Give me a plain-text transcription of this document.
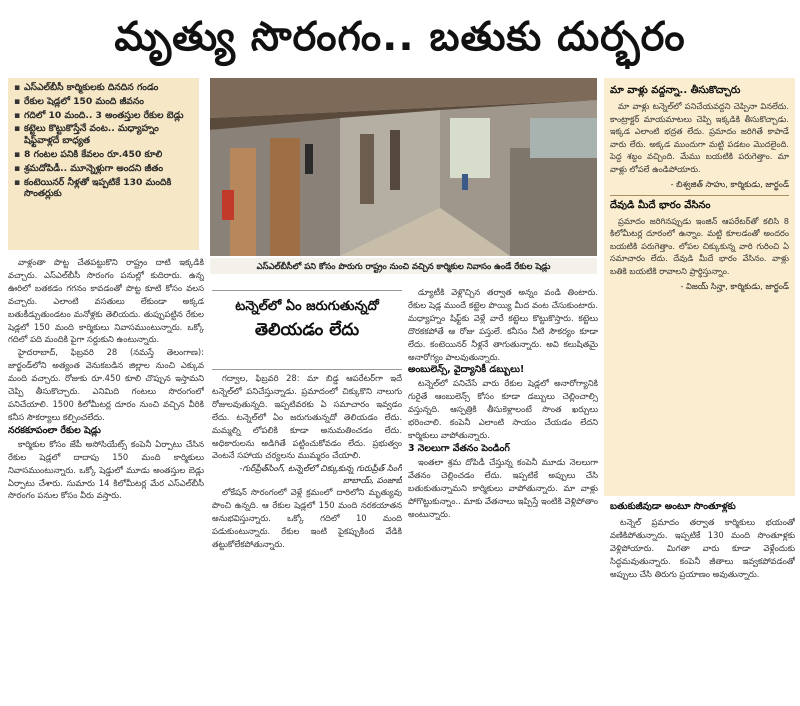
మృత్యు సొరంగం.. బతుకు దుర్భరం
▪ ఎస్‌ఎల్‌బీసీ కార్మికులకు దినదిన గండం
▪ రేకుల షెడ్లలో 150 మంది జీవనం
▪ గదిలో 10 మంది.. 3 అంతస్తుల రేకుల బెడ్లు
▪ కట్టెలు కొట్టుకొస్తేనే వంట.. మధ్యాహ్నం షిఫ్ట్‌వాళ్లదే బాధ్యత
▪ 8 గంటల పనికి కేవలం రూ.450 కూలి
▪ శ్రమదోపిడీ.. మూన్నెళ్లుగా అందని జీతం
▪ కంటెయినర్ నీళ్లతో ఇప్పటికే 130 మందికి సొంతర్లుకు
ఎస్‌ఎల్‌బీసీలో పని కోసం పొరుగు రాష్ట్రం నుంచి వచ్చిన కార్మికుల నివాసం ఉండే రేకుల షెడ్లు

వాళ్లంతా పొట్ట చేతపట్టుకొని రాష్ట్రం దాటి ఇక్కడికి వచ్చారు. ఎస్‌ఎల్‌బీసీ సొరంగం పనుల్లో కుదిరారు. ఉన్న ఊరిలో బతకడం గగనం కావడంతో పొట్ట కూటి కోసం వలస వచ్చారు. ఎలాంటి వసతులు లేకుండా అక్కడ బతుకీడ్చుతుండటం మనోళ్లకు తెలియదు. తుప్పుపట్టిన రేకుల షెడ్లలో 150 మంది కార్మికులు నివాసముంటున్నారు. ఒక్కో గదిలో పది మందికి పైగా సర్దుకుని ఉంటున్నారు.

హైదరాబాద్, ఫిబ్రవరి 28 (నమస్తే తెలంగాణ): జార్ఖండ్‌లోని అత్యంత వెనుకబడిన జిల్లాల నుంచి ఎక్కువ మంది వచ్చారు. రోజుకు రూ.450 కూలి చొప్పున ఇస్తామని చెప్పి తీసుకొచ్చారు. ఎనిమిది గంటలు సొరంగంలో పనిచేయాలి. 1500 కిలోమీటర్ల దూరం నుంచి వచ్చిన వీరికి కనీస సౌకర్యాలు కల్పించలేదు.

నరకకూపంలా రేకుల షెడ్లు

కార్మికుల కోసం జేపీ అసోసియేట్స్ కంపెనీ ఏర్పాటు చేసిన రేకుల షెడ్లలో దాదాపు 150 మంది కార్మికులు నివాసముంటున్నారు. ఒక్కో షెడ్డులో మూడు అంతస్తుల బెడ్లు ఏర్పాటు చేశారు. సుమారు 14 కిలోమీటర్ల మేర ఎస్‌ఎల్‌బీసీ సొరంగం పనుల కోసం వీరు వస్తారు.

టన్నెల్‌లో ఏం జరుగుతున్నదో
తెలియడం లేదు

గద్వాల, ఫిబ్రవరి 28: మా బిడ్డ ఆపరేటర్‌గా ఇదే టన్నెల్‌లో పనిచేస్తున్నాడు. ప్రమాదంలో చిక్కుకొని నాలుగు రోజులవుతున్నది. ఇప్పటివరకు ఏ సమాచారం ఇవ్వడం లేదు. టన్నెల్‌లో ఏం జరుగుతున్నదో తెలియడం లేదు. మమ్మల్ని లోపలికి కూడా అనుమతించడం లేదు. అధికారులను అడిగితే పట్టించుకోవడం లేదు. ప్రభుత్వం వెంటనే సహాయ చర్యలను ముమ్మరం చేయాలి.

-గుర్‌ప్రీత్‌సింగ్, టన్నెల్‌లో చిక్కుకున్న గురుప్రీత్ సింగ్ బాబాయ్, పంజాబ్

లోకేషన్ సొరంగంలో వెళ్లే క్రమంలో దారిలోని మృత్యువు పొంచి ఉన్నది. ఆ రేకుల షెడ్లలో 150 మంది నరకయాతన అనుభవిస్తున్నారు. ఒక్కో గదిలో 10 మంది పడుకుంటున్నారు. రేకుల ఇంటి పైకప్పుకింద వేడికి తట్టుకోలేకపోతున్నారు.

డ్యూటీకి వెళ్లొచ్చిన తర్వాత అన్నం వండి తింటారు. రేకుల షెడ్ల ముందే కట్టెల పొయ్యి మీద వంట చేసుకుంటారు. మధ్యాహ్నం షిఫ్ట్‌కు వెళ్లే వారే కట్టెలు కొట్టుకొస్తారు. కట్టెలు దొరకకపోతే ఆ రోజు పస్తులే. కనీసం నీటి సౌకర్యం కూడా లేదు. కంటెయినర్ నీళ్లనే తాగుతున్నారు. అవి కలుషితమై అనారోగ్యం పాలవుతున్నారు.

అంబులెన్స్, వైద్యానికీ డబ్బులు!

టన్నెల్‌లో పనిచేసే వారు రేకుల షెడ్లలో అనారోగ్యానికి గురైతే ఆంబులెన్స్ కోసం కూడా డబ్బులు చెల్లించాల్సి వస్తున్నది. ఆస్పత్రికి తీసుకెళ్లాలంటే సొంత ఖర్చులు భరించాలి. కంపెనీ ఎలాంటి సాయం చేయడం లేదని కార్మికులు వాపోతున్నారు.

3 నెలలుగా వేతనం పెండింగ్

ఇంతలా శ్రమ దోపిడీ చేస్తున్న కంపెనీ మూడు నెలలుగా వేతనం చెల్లించడం లేదు. ఇప్పటికే అప్పులు చేసి బతుకుతున్నామని కార్మికులు వాపోతున్నారు. మా వాళ్లు పోగొట్టుకున్నాం.. మాకు వేతనాలు ఇప్పిస్తే ఇంటికి వెళ్లిపోతాం అంటున్నారు.

మా వాళ్లు వద్దన్నా.. తీసుకొచ్చారు

మా వాళ్లు టన్నెల్‌లో పనిచేయవద్దని చెప్పినా వినలేదు. కాంట్రాక్టర్ మాయమాటలు చెప్పి ఇక్కడికి తీసుకొచ్చాడు. ఇక్కడ ఎలాంటి భద్రత లేదు. ప్రమాదం జరిగితే కాపాడే వారు లేరు. అక్కడ ముందుగా మట్టి పడటం మొదలైంది. పెద్ద శబ్దం వచ్చింది. మేము బయటికి పరుగెత్తాం. మా వాళ్లు లోపలే ఉండిపోయారు.

- బిశ్వజిత్ సాహు, కార్మికుడు, జార్ఖండ్

దేవుడి మీదే భారం వేసినం

ప్రమాదం జరిగినప్పుడు ఇంజిన్ ఆపరేటర్‌తో కలిసి 8 కిలోమీటర్ల దూరంలో ఉన్నాం. మట్టి కూలడంతో అందరం బయటికి పరుగెత్తాం. లోపల చిక్కుకున్న వారి గురించి ఏ సమాచారం లేదు. దేవుడి మీదే భారం వేసినం. వాళ్లు బతికి బయటికి రావాలని ప్రార్థిస్తున్నాం.

- విజయ్ సిన్హా, కార్మికుడు, జార్ఖండ్

బతుకుజీవుడా అంటూ సొంతూళ్లకు

టన్నెల్ ప్రమాదం తర్వాత కార్మికులు భయంతో వణికిపోతున్నారు. ఇప్పటికే 130 మంది సొంతూళ్లకు వెళ్లిపోయారు. మిగతా వారు కూడా వెళ్లేందుకు సిద్ధమవుతున్నారు. కంపెనీ జీతాలు ఇవ్వకపోవడంతో అప్పులు చేసి తిరుగు ప్రయాణం అవుతున్నారు.
